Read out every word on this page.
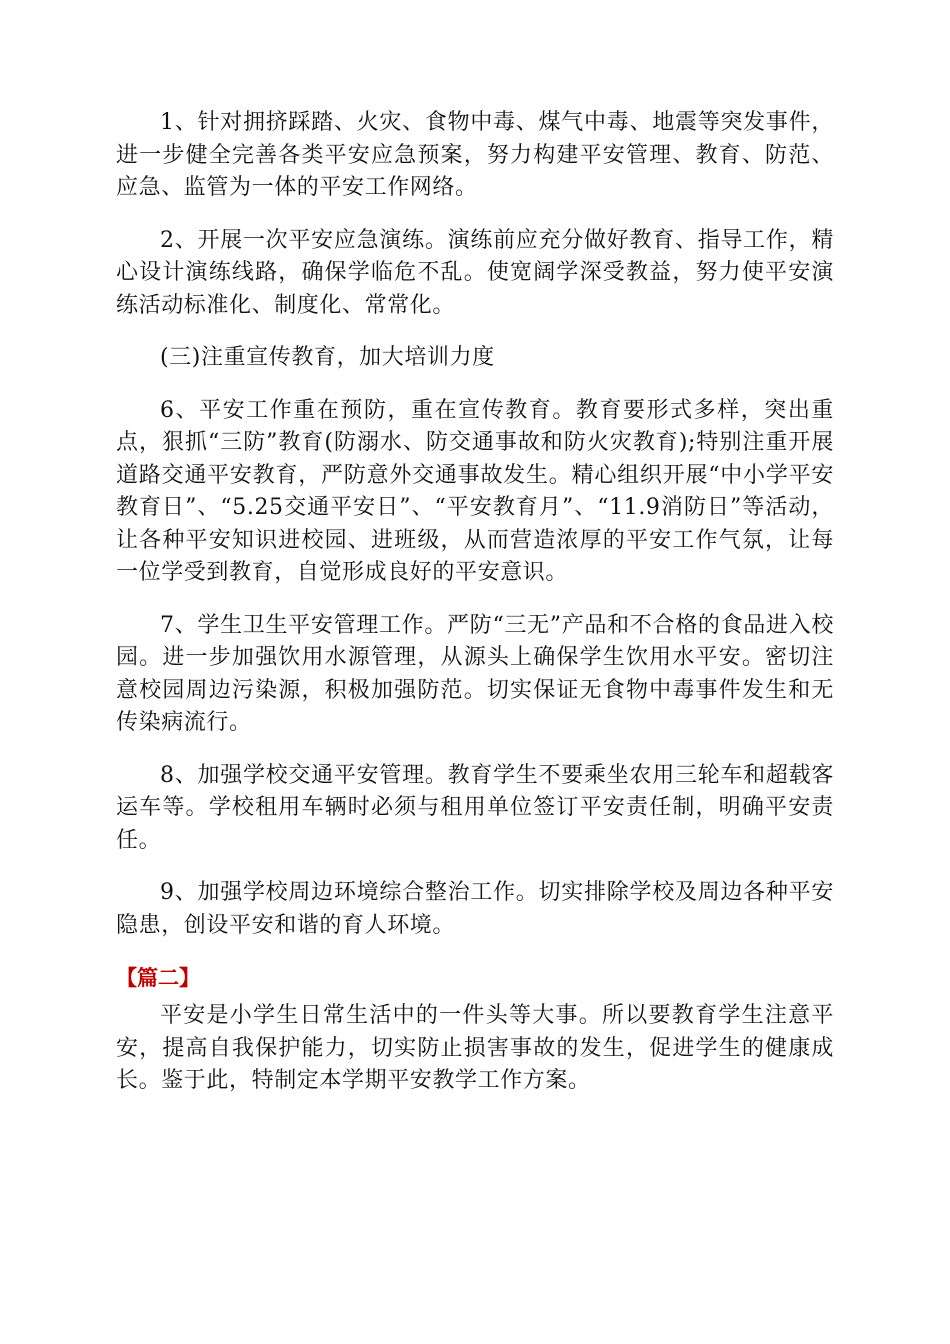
1、针对拥挤踩踏、火灾、食物中毒、煤气中毒、地震等突发事件，进一步健全完善各类平安应急预案，努力构建平安管理、教育、防范、应急、监管为一体的平安工作网络。

2、开展一次平安应急演练。演练前应充分做好教育、指导工作，精心设计演练线路，确保学临危不乱。使宽阔学深受教益，努力使平安演练活动标准化、制度化、常常化。

(三)注重宣传教育，加大培训力度

6、平安工作重在预防，重在宣传教育。教育要形式多样，突出重点，狠抓“三防”教育(防溺水、防交通事故和防火灾教育);特别注重开展道路交通平安教育，严防意外交通事故发生。精心组织开展“中小学平安教育日”、“5.25交通平安日”、“平安教育月”、“11.9消防日”等活动，让各种平安知识进校园、进班级，从而营造浓厚的平安工作气氛，让每一位学受到教育，自觉形成良好的平安意识。

7、学生卫生平安管理工作。严防“三无”产品和不合格的食品进入校园。进一步加强饮用水源管理，从源头上确保学生饮用水平安。密切注意校园周边污染源，积极加强防范。切实保证无食物中毒事件发生和无传染病流行。

8、加强学校交通平安管理。教育学生不要乘坐农用三轮车和超载客运车等。学校租用车辆时必须与租用单位签订平安责任制，明确平安责任。

9、加强学校周边环境综合整治工作。切实排除学校及周边各种平安隐患，创设平安和谐的育人环境。

【篇二】

平安是小学生日常生活中的一件头等大事。所以要教育学生注意平安，提高自我保护能力，切实防止损害事故的发生，促进学生的健康成长。鉴于此，特制定本学期平安教学工作方案。
